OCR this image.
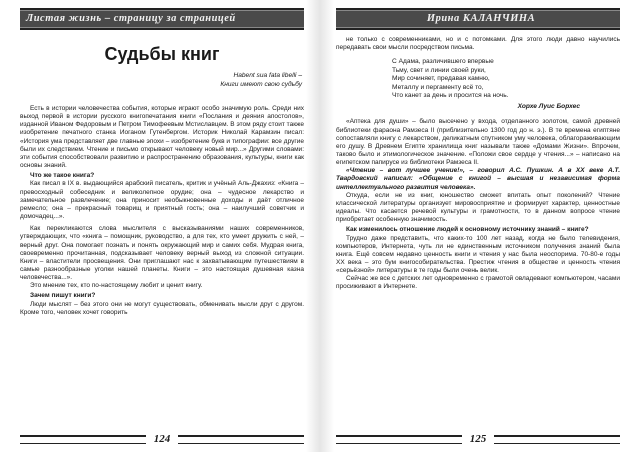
Листая жизнь – страницу за страницей
Судьбы книг
Habent sua fata libelli –
Книги имеют свою судьбу

Есть в истории человечества события, которые играют особо значимую роль. Среди них выход первой в истории русского книгопечатания книги «Послания и деяния апостолов», изданной Иваном Федоровым и Петром Тимофеевым Мстиславцем. В этом ряду стоит также изобретение печатного станка Иоганом Гутенбергом. Историк Николай Карамзин писал: «История ума представляет две главные эпохи – изобретение букв и типографии: все другие были их следствием. Чтение и письмо открывают человеку новый мир...» Другими словами: эти события способствовали развитию и распространению образования, культуры, книги как основы знаний.

Что же такое книга?

Как писал в IX в. выдающийся арабский писатель, критик и учёный Аль-Джахиз: «Книга – превосходный собеседник и великолепное орудие; она – чудесное лекарство и замечательное развлечение; она приносит необыкновенные доходы и даёт отличное ремесло; она – прекрасный товарищ и приятный гость; она – наилучший советчик и домочадец...».

Как перекликаются слова мыслителя с высказываниями наших современников, утверждающих, что «книга – помощник, руководство, а для тех, кто умеет дружить с ней, – верный друг. Она помогает познать и понять окружающий мир и самих себя. Мудрая книга, своевременно прочитанная, подсказывает человеку верный выход из сложной ситуации. Книги – властители просвещения. Они приглашают нас к захватывающим путешествиям в самые разнообразные уголки нашей планеты. Книги – это настоящая душевная казна человечества...».

Это мнение тех, кто по-настоящему любит и ценит книгу.

Зачем пишут книги?

Люди мыслят – без этого они не могут существовать, обменивать мысли друг с другом. Кроме того, человек хочет говорить

124
Ирина КАЛАНЧИНА

не только с современниками, но и с потомками. Для этого люди давно научились передавать свои мысли посредством письма.

С Адама, различившего впервые
Тьму, свет и линии своей руки,
Мир сочиняет, предавая камню,
Металлу и пергаменту всё то,
Что канет за день и просится на ночь.
Хорхе Луис Борхес

«Аптека для души» – было высечено у входа, отделанного золотом, самой древней библиотеки фараона Рамзеса II (приблизительно 1300 год до н. э.). В те времена египтяне сопоставляли книгу с лекарством, деликатным спутником уму человека, облагораживающим его душу. В Древнем Египте хранилища книг называли также «Домами Жизни». Впрочем, таково было и этимологическое значение. «Положи свое сердце у чтения...» – написано на египетском папирусе из библиотеки Рамзеса II.

«Чтение – вот лучшее учение!», – говорил А.С. Пушкин. А в XX веке А.Т. Твардовский написал: «Общение с книгой – высшая и независимая форма интеллектуального развития человека».

Откуда, если не из книг, юношество сможет впитать опыт поколений? Чтение классической литературы организует мировосприятие и формирует характер, ценностные идеалы. Что касается речевой культуры и грамотности, то в данном вопросе чтение приобретает особенную значимость.

Как изменилось отношение людей к основному источнику знаний – книге?

Трудно даже представить, что каких-то 100 лет назад, когда не было телевидения, компьютеров, Интернета, чуть ли не единственным источником получения знаний была книга. Ещё совсем недавно ценность книги и чтения у нас была неоспорима. 70-80-е годы XX века – это бум книгособирательства. Престиж чтения в обществе и ценность чтения «серьёзной» литературы в те годы были очень велик.

Сейчас же все с детских лет одновременно с грамотой овладевают компьютером, часами просиживают в Интернете.

125
